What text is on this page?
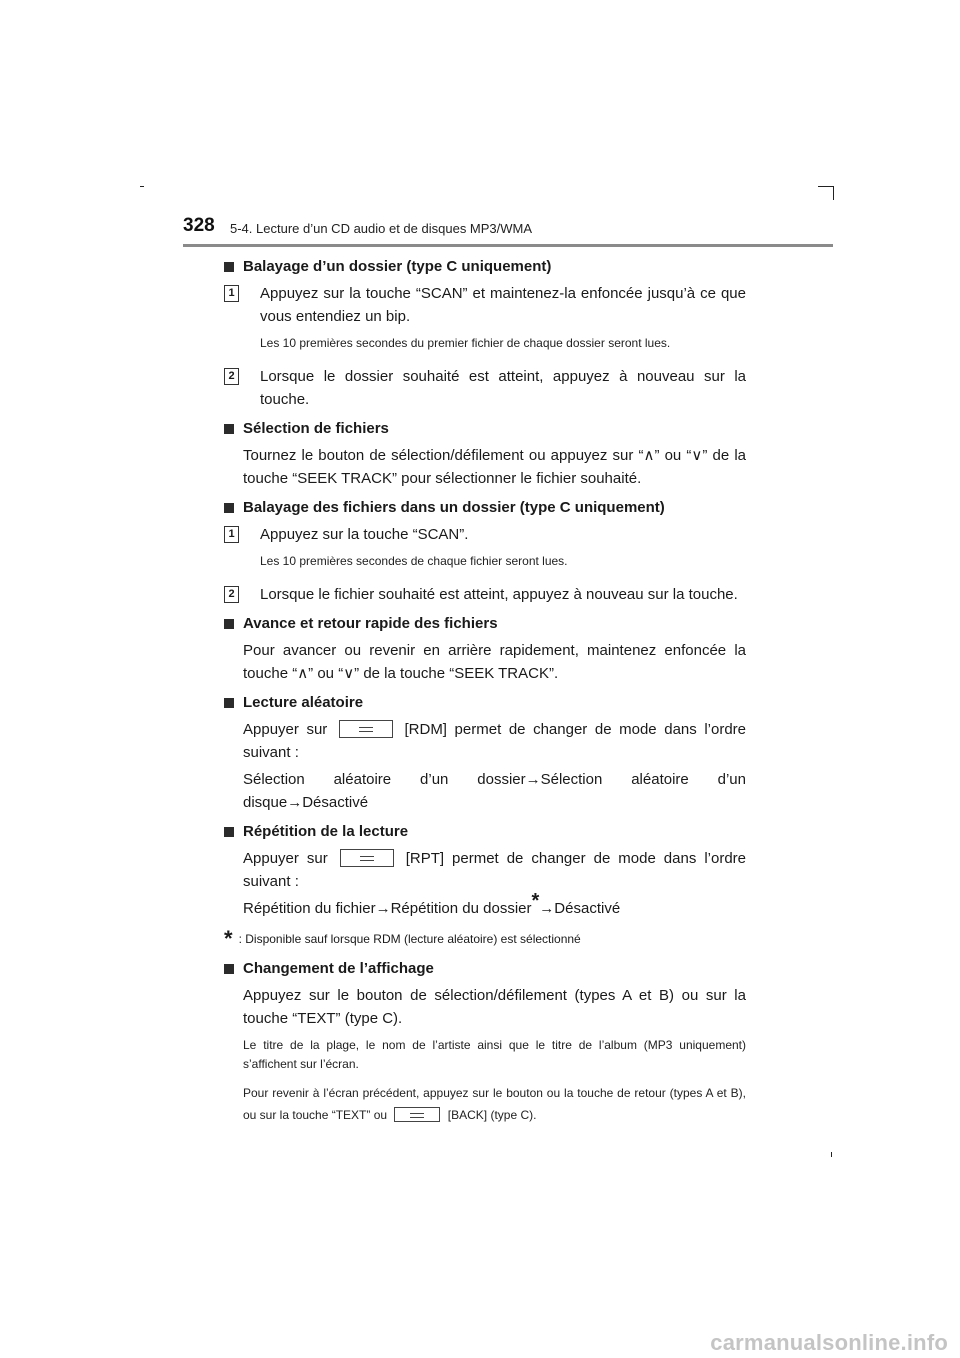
328 5-4. Lecture d’un CD audio et de disques MP3/WMA
Balayage d’un dossier (type C uniquement)
1 Appuyez sur la touche “SCAN” et maintenez-la enfoncée jusqu’à ce que vous entendiez un bip.
Les 10 premières secondes du premier fichier de chaque dossier seront lues.
2 Lorsque le dossier souhaité est atteint, appuyez à nouveau sur la touche.
Sélection de fichiers
Tournez le bouton de sélection/défilement ou appuyez sur “∧” ou “∨” de la touche “SEEK TRACK” pour sélectionner le fichier souhaité.
Balayage des fichiers dans un dossier (type C uniquement)
1 Appuyez sur la touche “SCAN”.
Les 10 premières secondes de chaque fichier seront lues.
2 Lorsque le fichier souhaité est atteint, appuyez à nouveau sur la touche.
Avance et retour rapide des fichiers
Pour avancer ou revenir en arrière rapidement, maintenez enfoncée la touche “∧” ou “∨” de la touche “SEEK TRACK”.
Lecture aléatoire
Appuyer sur	[RDM] permet de changer de mode dans l’ordre suivant :
Sélection aléatoire d’un dossier→Sélection aléatoire d’un disque→Désactivé
Répétition de la lecture
Appuyer sur	[RPT] permet de changer de mode dans l’ordre suivant :
Répétition du fichier→Répétition du dossier*→Désactivé
* : Disponible sauf lorsque RDM (lecture aléatoire) est sélectionné
Changement de l’affichage
Appuyez sur le bouton de sélection/défilement (types A et B) ou sur la touche “TEXT” (type C).
Le titre de la plage, le nom de l’artiste ainsi que le titre de l’album (MP3 uniquement) s’affichent sur l’écran.
Pour revenir à l’écran précédent, appuyez sur le bouton ou la touche de retour (types A et B), ou sur la touche “TEXT” ou	[BACK] (type C).
carmanualsonline.info
